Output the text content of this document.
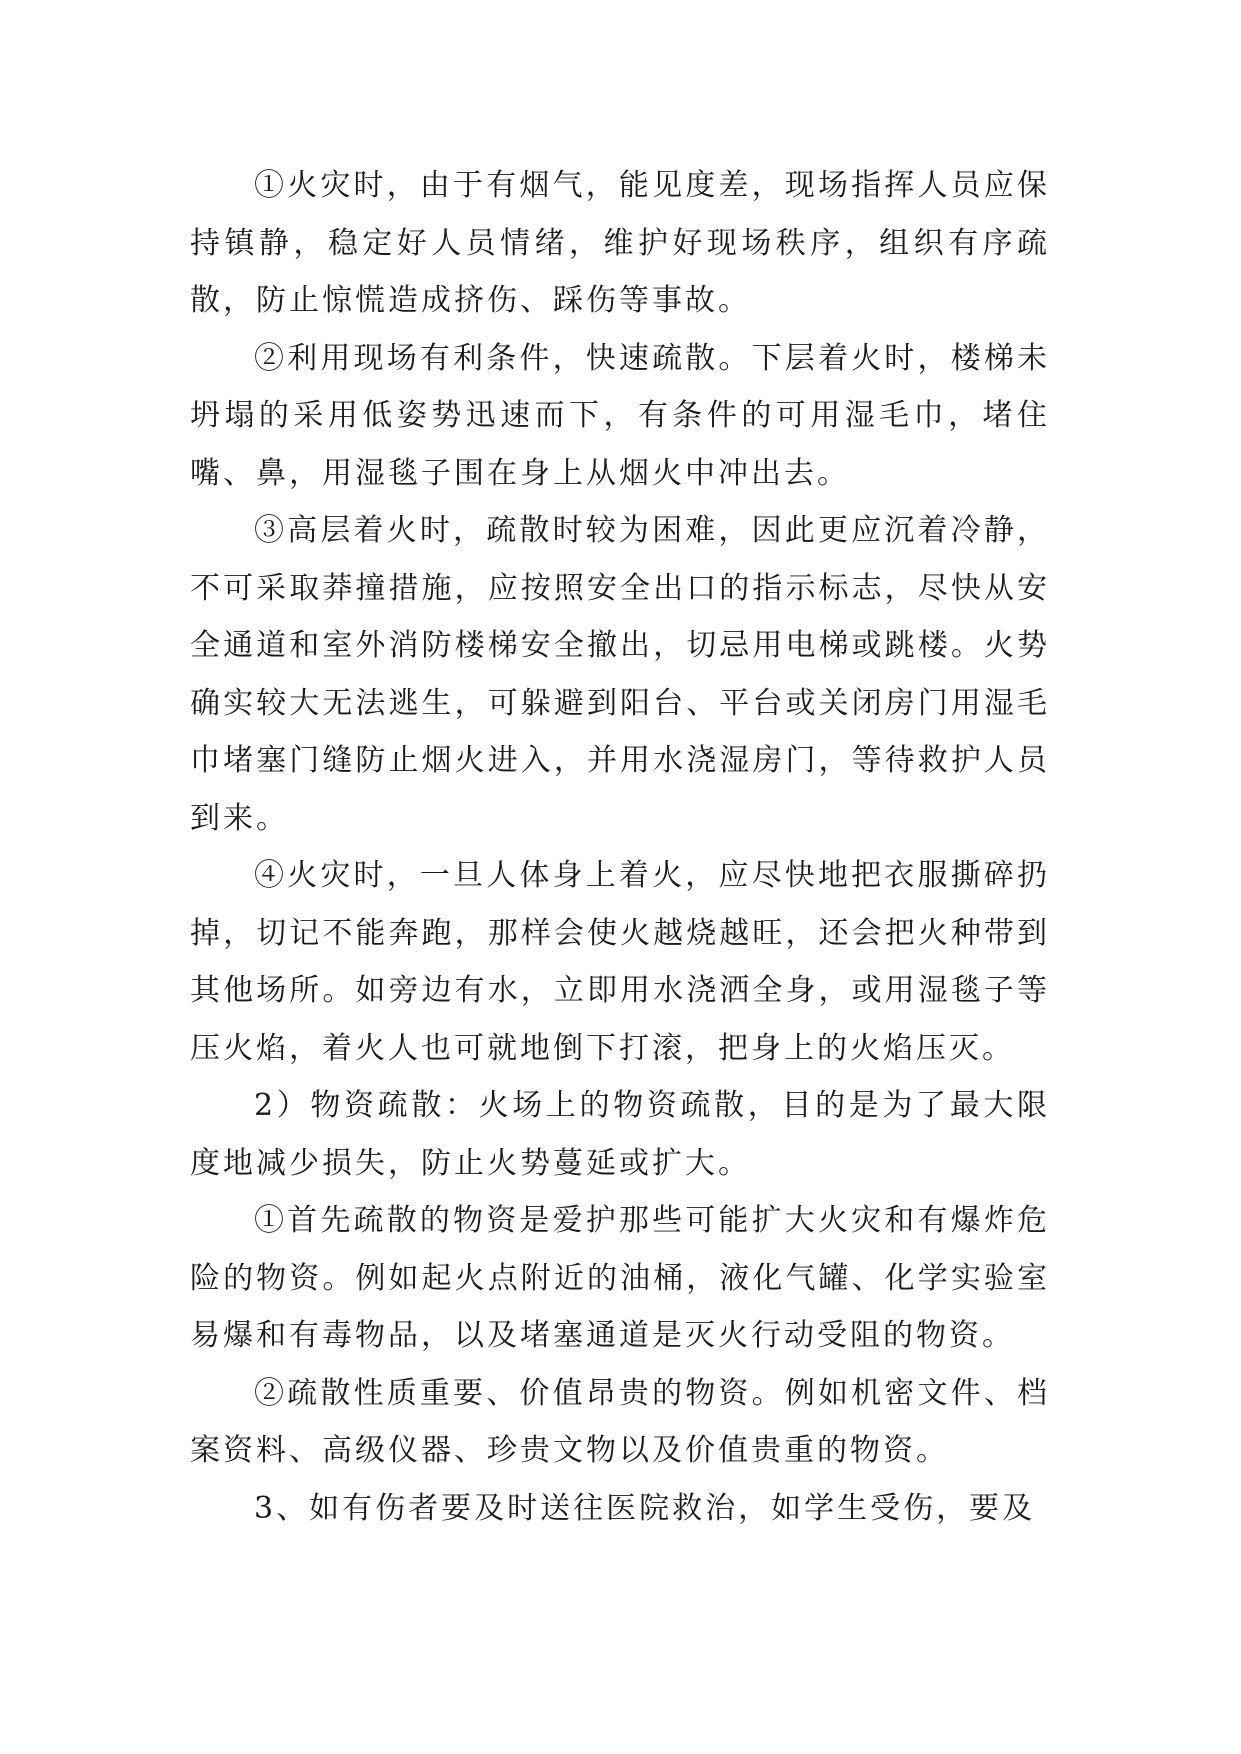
①火灾时，由于有烟气，能见度差，现场指挥人员应保持镇静，稳定好人员情绪，维护好现场秩序，组织有序疏散，防止惊慌造成挤伤、踩伤等事故。

②利用现场有利条件，快速疏散。下层着火时，楼梯未坍塌的采用低姿势迅速而下，有条件的可用湿毛巾，堵住嘴、鼻，用湿毯子围在身上从烟火中冲出去。

③高层着火时，疏散时较为困难，因此更应沉着冷静，不可采取莽撞措施，应按照安全出口的指示标志，尽快从安全通道和室外消防楼梯安全撤出，切忌用电梯或跳楼。火势确实较大无法逃生，可躲避到阳台、平台或关闭房门用湿毛巾堵塞门缝防止烟火进入，并用水浇湿房门，等待救护人员到来。

④火灾时，一旦人体身上着火，应尽快地把衣服撕碎扔掉，切记不能奔跑，那样会使火越烧越旺，还会把火种带到其他场所。如旁边有水，立即用水浇洒全身，或用湿毯子等压火焰，着火人也可就地倒下打滚，把身上的火焰压灭。

2）物资疏散：火场上的物资疏散，目的是为了最大限度地减少损失，防止火势蔓延或扩大。

①首先疏散的物资是爱护那些可能扩大火灾和有爆炸危险的物资。例如起火点附近的油桶，液化气罐、化学实验室易爆和有毒物品，以及堵塞通道是灭火行动受阻的物资。

②疏散性质重要、价值昂贵的物资。例如机密文件、档案资料、高级仪器、珍贵文物以及价值贵重的物资。

3、如有伤者要及时送往医院救治，如学生受伤，要及
